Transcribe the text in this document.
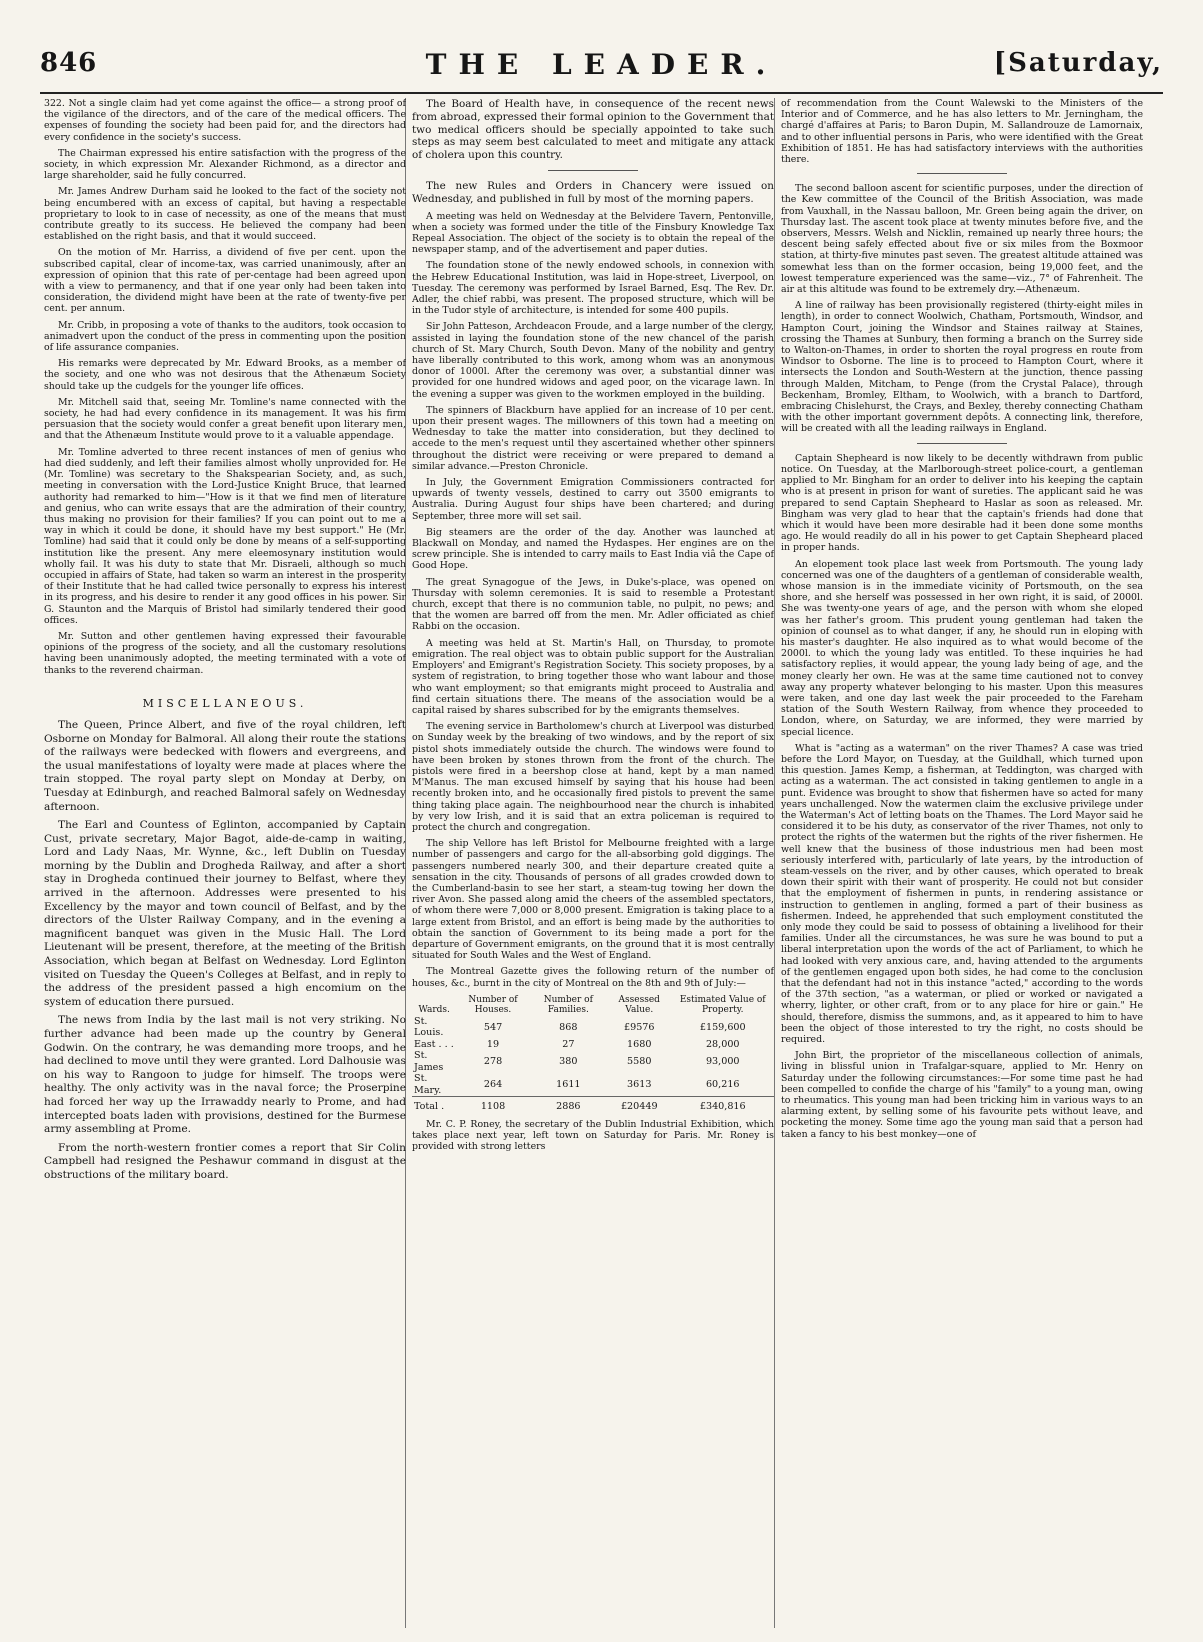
846	THE LEADER.	[Saturday,

322. Not a single claim had yet come against the office— a strong proof of the vigilance of the directors, and of the care of the medical officers. The expenses of founding the society had been paid for, and the directors had every confidence in the society's success.

The Chairman expressed his entire satisfaction with the progress of the society, in which expression Mr. Alexander Richmond, as a director and large shareholder, said he fully concurred.

Mr. James Andrew Durham said he looked to the fact of the society not being encumbered with an excess of capital, but having a respectable proprietary to look to in case of necessity, as one of the means that must contribute greatly to its success. He believed the company had been established on the right basis, and that it would succeed.

On the motion of Mr. Harriss, a dividend of five per cent. upon the subscribed capital, clear of income-tax, was carried unanimously, after an expression of opinion that this rate of per-centage had been agreed upon with a view to permanency, and that if one year only had been taken into consideration, the dividend might have been at the rate of twenty-five per cent. per annum.

Mr. Cribb, in proposing a vote of thanks to the auditors, took occasion to animadvert upon the conduct of the press in commenting upon the position of life assurance companies.

His remarks were deprecated by Mr. Edward Brooks, as a member of the society, and one who was not desirous that the Athenæum Society should take up the cudgels for the younger life offices.

Mr. Mitchell said that, seeing Mr. Tomline's name connected with the society, he had had every confidence in its management. It was his firm persuasion that the society would confer a great benefit upon literary men, and that the Athenæum Institute would prove to it a valuable appendage.

Mr. Tomline adverted to three recent instances of men of genius who had died suddenly, and left their families almost wholly unprovided for. He (Mr. Tomline) was secretary to the Shakspearian Society, and, as such, meeting in conversation with the Lord-Justice Knight Bruce, that learned authority had remarked to him—"How is it that we find men of literature and genius, who can write essays that are the admiration of their country, thus making no provision for their families? If you can point out to me a way in which it could be done, it should have my best support." He (Mr. Tomline) had said that it could only be done by means of a self-supporting institution like the present. Any mere eleemosynary institution would wholly fail. It was his duty to state that Mr. Disraeli, although so much occupied in affairs of State, had taken so warm an interest in the prosperity of their Institute that he had called twice personally to express his interest in its progress, and his desire to render it any good offices in his power. Sir G. Staunton and the Marquis of Bristol had similarly tendered their good offices.

Mr. Sutton and other gentlemen having expressed their favourable opinions of the progress of the society, and all the customary resolutions having been unanimously adopted, the meeting terminated with a vote of thanks to the reverend chairman.

MISCELLANEOUS.

The Queen, Prince Albert, and five of the royal children, left Osborne on Monday for Balmoral. All along their route the stations of the railways were bedecked with flowers and evergreens, and the usual manifestations of loyalty were made at places where the train stopped. The royal party slept on Monday at Derby, on Tuesday at Edinburgh, and reached Balmoral safely on Wednesday afternoon.

The Earl and Countess of Eglinton, accompanied by Captain Cust, private secretary, Major Bagot, aide-de-camp in waiting, Lord and Lady Naas, Mr. Wynne, &c., left Dublin on Tuesday morning by the Dublin and Drogheda Railway, and after a short stay in Drogheda continued their journey to Belfast, where they arrived in the afternoon. Addresses were presented to his Excellency by the mayor and town council of Belfast, and by the directors of the Ulster Railway Company, and in the evening a magnificent banquet was given in the Music Hall. The Lord Lieutenant will be present, therefore, at the meeting of the British Association, which began at Belfast on Wednesday. Lord Eglinton visited on Tuesday the Queen's Colleges at Belfast, and in reply to the address of the president passed a high encomium on the system of education there pursued.

The news from India by the last mail is not very striking. No further advance had been made up the country by General Godwin. On the contrary, he was demanding more troops, and he had declined to move until they were granted. Lord Dalhousie was on his way to Rangoon to judge for himself. The troops were healthy. The only activity was in the naval force; the Proserpine had forced her way up the Irrawaddy nearly to Prome, and had intercepted boats laden with provisions, destined for the Burmese army assembling at Prome.

From the north-western frontier comes a report that Sir Colin Campbell had resigned the Peshawur command in disgust at the obstructions of the military board.

The Board of Health have, in consequence of the recent news from abroad, expressed their formal opinion to the Government that two medical officers should be specially appointed to take such steps as may seem best calculated to meet and mitigate any attack of cholera upon this country.

The new Rules and Orders in Chancery were issued on Wednesday, and published in full by most of the morning papers.

A meeting was held on Wednesday at the Belvidere Tavern, Pentonville, when a society was formed under the title of the Finsbury Knowledge Tax Repeal Association. The object of the society is to obtain the repeal of the newspaper stamp, and of the advertisement and paper duties.

The foundation stone of the newly endowed schools, in connexion with the Hebrew Educational Institution, was laid in Hope-street, Liverpool, on Tuesday. The ceremony was performed by Israel Barned, Esq. The Rev. Dr. Adler, the chief rabbi, was present. The proposed structure, which will be in the Tudor style of architecture, is intended for some 400 pupils.

Sir John Patteson, Archdeacon Froude, and a large number of the clergy, assisted in laying the foundation stone of the new chancel of the parish church of St. Mary Church, South Devon. Many of the nobility and gentry have liberally contributed to this work, among whom was an anonymous donor of 1000l. After the ceremony was over, a substantial dinner was provided for one hundred widows and aged poor, on the vicarage lawn. In the evening a supper was given to the workmen employed in the building.

The spinners of Blackburn have applied for an increase of 10 per cent. upon their present wages. The millowners of this town had a meeting on Wednesday to take the matter into consideration, but they declined to accede to the men's request until they ascertained whether other spinners throughout the district were receiving or were prepared to demand a similar advance.—Preston Chronicle.

In July, the Government Emigration Commissioners contracted for upwards of twenty vessels, destined to carry out 3500 emigrants to Australia. During August four ships have been chartered; and during September, three more will set sail.

Big steamers are the order of the day. Another was launched at Blackwall on Monday, and named the Hydaspes. Her engines are on the screw principle. She is intended to carry mails to East India viâ the Cape of Good Hope.

The great Synagogue of the Jews, in Duke's-place, was opened on Thursday with solemn ceremonies. It is said to resemble a Protestant church, except that there is no communion table, no pulpit, no pews; and that the women are barred off from the men. Mr. Adler officiated as chief Rabbi on the occasion.

A meeting was held at St. Martin's Hall, on Thursday, to promote emigration. The real object was to obtain public support for the Australian Employers' and Emigrant's Registration Society. This society proposes, by a system of registration, to bring together those who want labour and those who want employment; so that emigrants might proceed to Australia and find certain situations there. The means of the association would be a capital raised by shares subscribed for by the emigrants themselves.

The evening service in Bartholomew's church at Liverpool was disturbed on Sunday week by the breaking of two windows, and by the report of six pistol shots immediately outside the church. The windows were found to have been broken by stones thrown from the front of the church. The pistols were fired in a beershop close at hand, kept by a man named M'Manus. The man excused himself by saying that his house had been recently broken into, and he occasionally fired pistols to prevent the same thing taking place again. The neighbourhood near the church is inhabited by very low Irish, and it is said that an extra policeman is required to protect the church and congregation.

The ship Vellore has left Bristol for Melbourne freighted with a large number of passengers and cargo for the all-absorbing gold diggings. The passengers numbered nearly 300, and their departure created quite a sensation in the city. Thousands of persons of all grades crowded down to the Cumberland-basin to see her start, a steam-tug towing her down the river Avon. She passed along amid the cheers of the assembled spectators, of whom there were 7,000 or 8,000 present. Emigration is taking place to a large extent from Bristol, and an effort is being made by the authorities to obtain the sanction of Government to its being made a port for the departure of Government emigrants, on the ground that it is most centrally situated for South Wales and the West of England.

The Montreal Gazette gives the following return of the number of houses, &c., burnt in the city of Montreal on the 8th and 9th of July:—

Wards.	Number of Houses.	Number of Families.	Assessed Value.	Estimated Value of Property.
St. Louis.	547	868	£9576	£159,600
East . . .	19	27	1680	28,000
St. James	278	380	5580	93,000
St. Mary.	264	1611	3613	60,216
Total .	1108	2886	£20449	£340,816

Mr. C. P. Roney, the secretary of the Dublin Industrial Exhibition, which takes place next year, left town on Saturday for Paris. Mr. Roney is provided with strong letters

of recommendation from the Count Walewski to the Ministers of the Interior and of Commerce, and he has also letters to Mr. Jerningham, the chargé d'affaires at Paris; to Baron Dupin, M. Sallandrouze de Lamornaix, and to other influential persons in Paris, who were identified with the Great Exhibition of 1851. He has had satisfactory interviews with the authorities there.

The second balloon ascent for scientific purposes, under the direction of the Kew committee of the Council of the British Association, was made from Vauxhall, in the Nassau balloon, Mr. Green being again the driver, on Thursday last. The ascent took place at twenty minutes before five, and the observers, Messrs. Welsh and Nicklin, remained up nearly three hours; the descent being safely effected about five or six miles from the Boxmoor station, at thirty-five minutes past seven. The greatest altitude attained was somewhat less than on the former occasion, being 19,000 feet, and the lowest temperature experienced was the same—viz., 7° of Fahrenheit. The air at this altitude was found to be extremely dry.—Athenæum.

A line of railway has been provisionally registered (thirty-eight miles in length), in order to connect Woolwich, Chatham, Portsmouth, Windsor, and Hampton Court, joining the Windsor and Staines railway at Staines, crossing the Thames at Sunbury, then forming a branch on the Surrey side to Walton-on-Thames, in order to shorten the royal progress en route from Windsor to Osborne. The line is to proceed to Hampton Court, where it intersects the London and South-Western at the junction, thence passing through Malden, Mitcham, to Penge (from the Crystal Palace), through Beckenham, Bromley, Eltham, to Woolwich, with a branch to Dartford, embracing Chislehurst, the Crays, and Bexley, thereby connecting Chatham with the other important government depôts. A connecting link, therefore, will be created with all the leading railways in England.

Captain Shepheard is now likely to be decently withdrawn from public notice. On Tuesday, at the Marlborough-street police-court, a gentleman applied to Mr. Bingham for an order to deliver into his keeping the captain who is at present in prison for want of sureties. The applicant said he was prepared to send Captain Shepheard to Haslar as soon as released. Mr. Bingham was very glad to hear that the captain's friends had done that which it would have been more desirable had it been done some months ago. He would readily do all in his power to get Captain Shepheard placed in proper hands.

An elopement took place last week from Portsmouth. The young lady concerned was one of the daughters of a gentleman of considerable wealth, whose mansion is in the immediate vicinity of Portsmouth, on the sea shore, and she herself was possessed in her own right, it is said, of 2000l. She was twenty-one years of age, and the person with whom she eloped was her father's groom. This prudent young gentleman had taken the opinion of counsel as to what danger, if any, he should run in eloping with his master's daughter. He also inquired as to what would become of the 2000l. to which the young lady was entitled. To these inquiries he had satisfactory replies, it would appear, the young lady being of age, and the money clearly her own. He was at the same time cautioned not to convey away any property whatever belonging to his master. Upon this measures were taken, and one day last week the pair proceeded to the Fareham station of the South Western Railway, from whence they proceeded to London, where, on Saturday, we are informed, they were married by special licence.

What is "acting as a waterman" on the river Thames? A case was tried before the Lord Mayor, on Tuesday, at the Guildhall, which turned upon this question. James Kemp, a fisherman, at Teddington, was charged with acting as a waterman. The act consisted in taking gentlemen to angle in a punt. Evidence was brought to show that fishermen have so acted for many years unchallenged. Now the watermen claim the exclusive privilege under the Waterman's Act of letting boats on the Thames. The Lord Mayor said he considered it to be his duty, as conservator of the river Thames, not only to protect the rights of the watermen but the rights of the river fishermen. He well knew that the business of those industrious men had been most seriously interfered with, particularly of late years, by the introduction of steam-vessels on the river, and by other causes, which operated to break down their spirit with their want of prosperity. He could not but consider that the employment of fishermen in punts, in rendering assistance or instruction to gentlemen in angling, formed a part of their business as fishermen. Indeed, he apprehended that such employment constituted the only mode they could be said to possess of obtaining a livelihood for their families. Under all the circumstances, he was sure he was bound to put a liberal interpretation upon the words of the act of Parliament, to which he had looked with very anxious care, and, having attended to the arguments of the gentlemen engaged upon both sides, he had come to the conclusion that the defendant had not in this instance "acted," according to the words of the 37th section, "as a waterman, or plied or worked or navigated a wherry, lighter, or other craft, from or to any place for hire or gain." He should, therefore, dismiss the summons, and, as it appeared to him to have been the object of those interested to try the right, no costs should be required.

John Birt, the proprietor of the miscellaneous collection of animals, living in blissful union in Trafalgar-square, applied to Mr. Henry on Saturday under the following circumstances:—For some time past he had been compelled to confide the charge of his "family" to a young man, owing to rheumatics. This young man had been tricking him in various ways to an alarming extent, by selling some of his favourite pets without leave, and pocketing the money. Some time ago the young man said that a person had taken a fancy to his best monkey—one of
